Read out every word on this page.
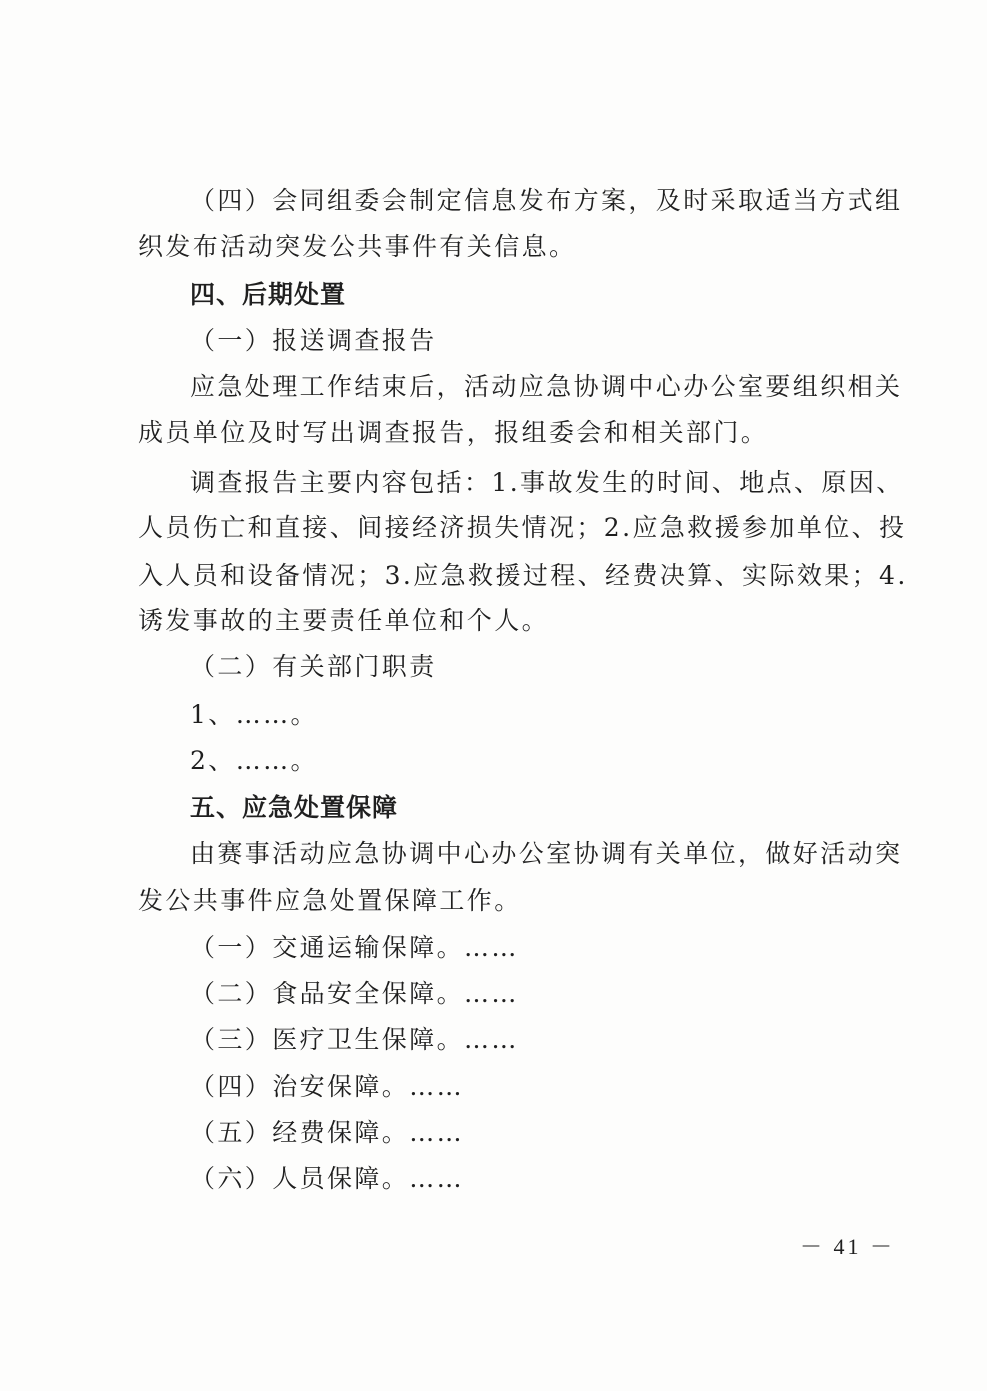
（四）会同组委会制定信息发布方案，及时采取适当方式组
织发布活动突发公共事件有关信息。
四、后期处置
（一）报送调查报告
应急处理工作结束后，活动应急协调中心办公室要组织相关
成员单位及时写出调查报告，报组委会和相关部门。
调查报告主要内容包括：1.事故发生的时间、地点、原因、
人员伤亡和直接、间接经济损失情况；2.应急救援参加单位、投
入人员和设备情况；3.应急救援过程、经费决算、实际效果；4.
诱发事故的主要责任单位和个人。
（二）有关部门职责
1、……。
2、……。
五、应急处置保障
由赛事活动应急协调中心办公室协调有关单位，做好活动突
发公共事件应急处置保障工作。
（一）交通运输保障。……
（二）食品安全保障。……
（三）医疗卫生保障。……
（四）治安保障。……
（五）经费保障。……
（六）人员保障。……
－ 41 －
